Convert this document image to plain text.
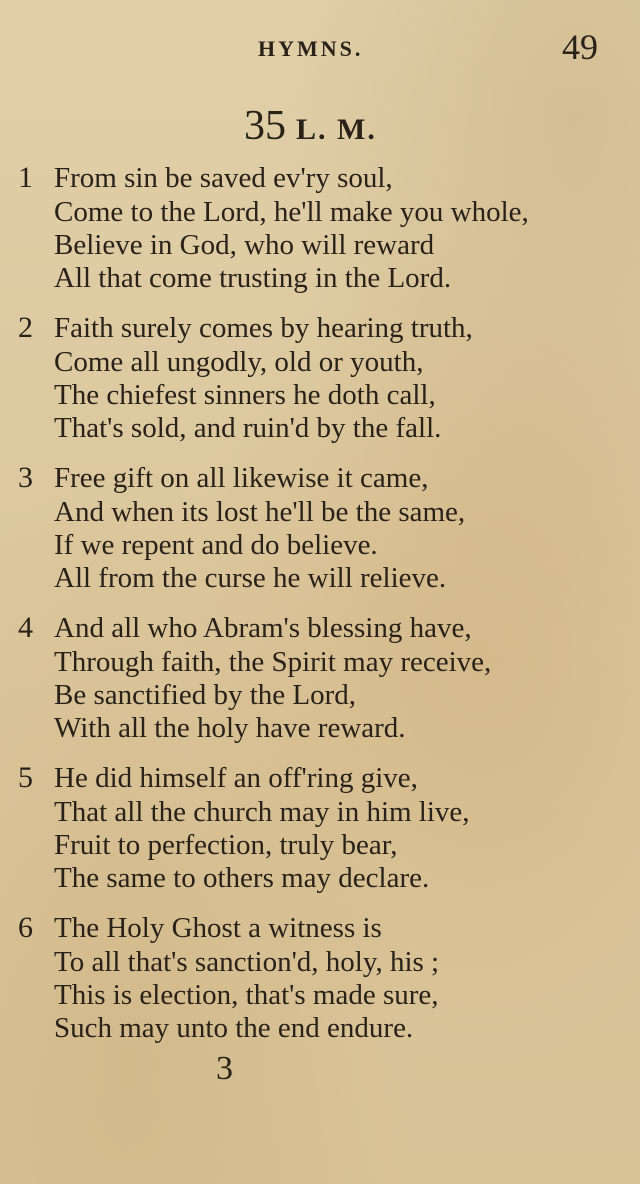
HYMNS.	49
35 L. M.
1 From sin be saved ev'ry soul,
Come to the Lord, he'll make you whole,
Believe in God, who will reward
All that come trusting in the Lord.
2 Faith surely comes by hearing truth,
Come all ungodly, old or youth,
The chiefest sinners he doth call,
That's sold, and ruin'd by the fall.
3 Free gift on all likewise it came,
And when its lost he'll be the same,
If we repent and do believe.
All from the curse he will relieve.
4 And all who Abram's blessing have,
Through faith, the Spirit may receive,
Be sanctified by the Lord,
With all the holy have reward.
5 He did himself an off'ring give,
That all the church may in him live,
Fruit to perfection, truly bear,
The same to others may declare.
6 The Holy Ghost a witness is
To all that's sanction'd, holy, his ;
This is election, that's made sure,
Such may unto the end endure.
3
